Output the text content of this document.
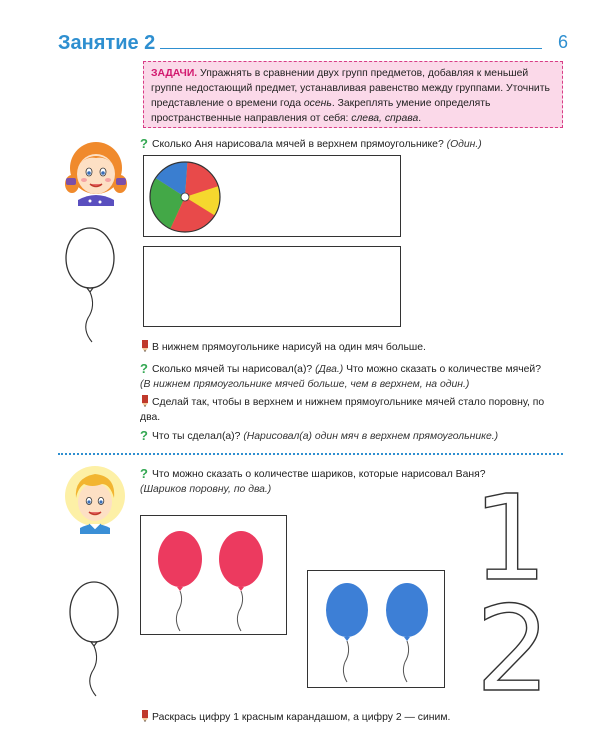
Занятие 2	6
ЗАДАЧИ. Упражнять в сравнении двух групп предметов, добавляя к меньшей группе недостающий предмет, устанавливая равенство между группами. Уточнить представление о времени года осень. Закреплять умение определять пространственные направления от себя: слева, справа.
? Сколько Аня нарисовала мячей в верхнем прямоугольнике? (Один.)
В нижнем прямоугольнике нарисуй на один мяч больше.
? Сколько мячей ты нарисовал(а)? (Два.) Что можно сказать о количестве мячей?
(В нижнем прямоугольнике мячей больше, чем в верхнем, на один.)
Сделай так, чтобы в верхнем и нижнем прямоугольнике мячей стало поровну, по два.
? Что ты сделал(а)? (Нарисовал(а) один мяч в верхнем прямоугольнике.)
? Что можно сказать о количестве шариков, которые нарисовал Ваня?
(Шариков поровну, по два.)	1
2
Раскрась цифру 1 красным карандашом, а цифру 2 — синим.
